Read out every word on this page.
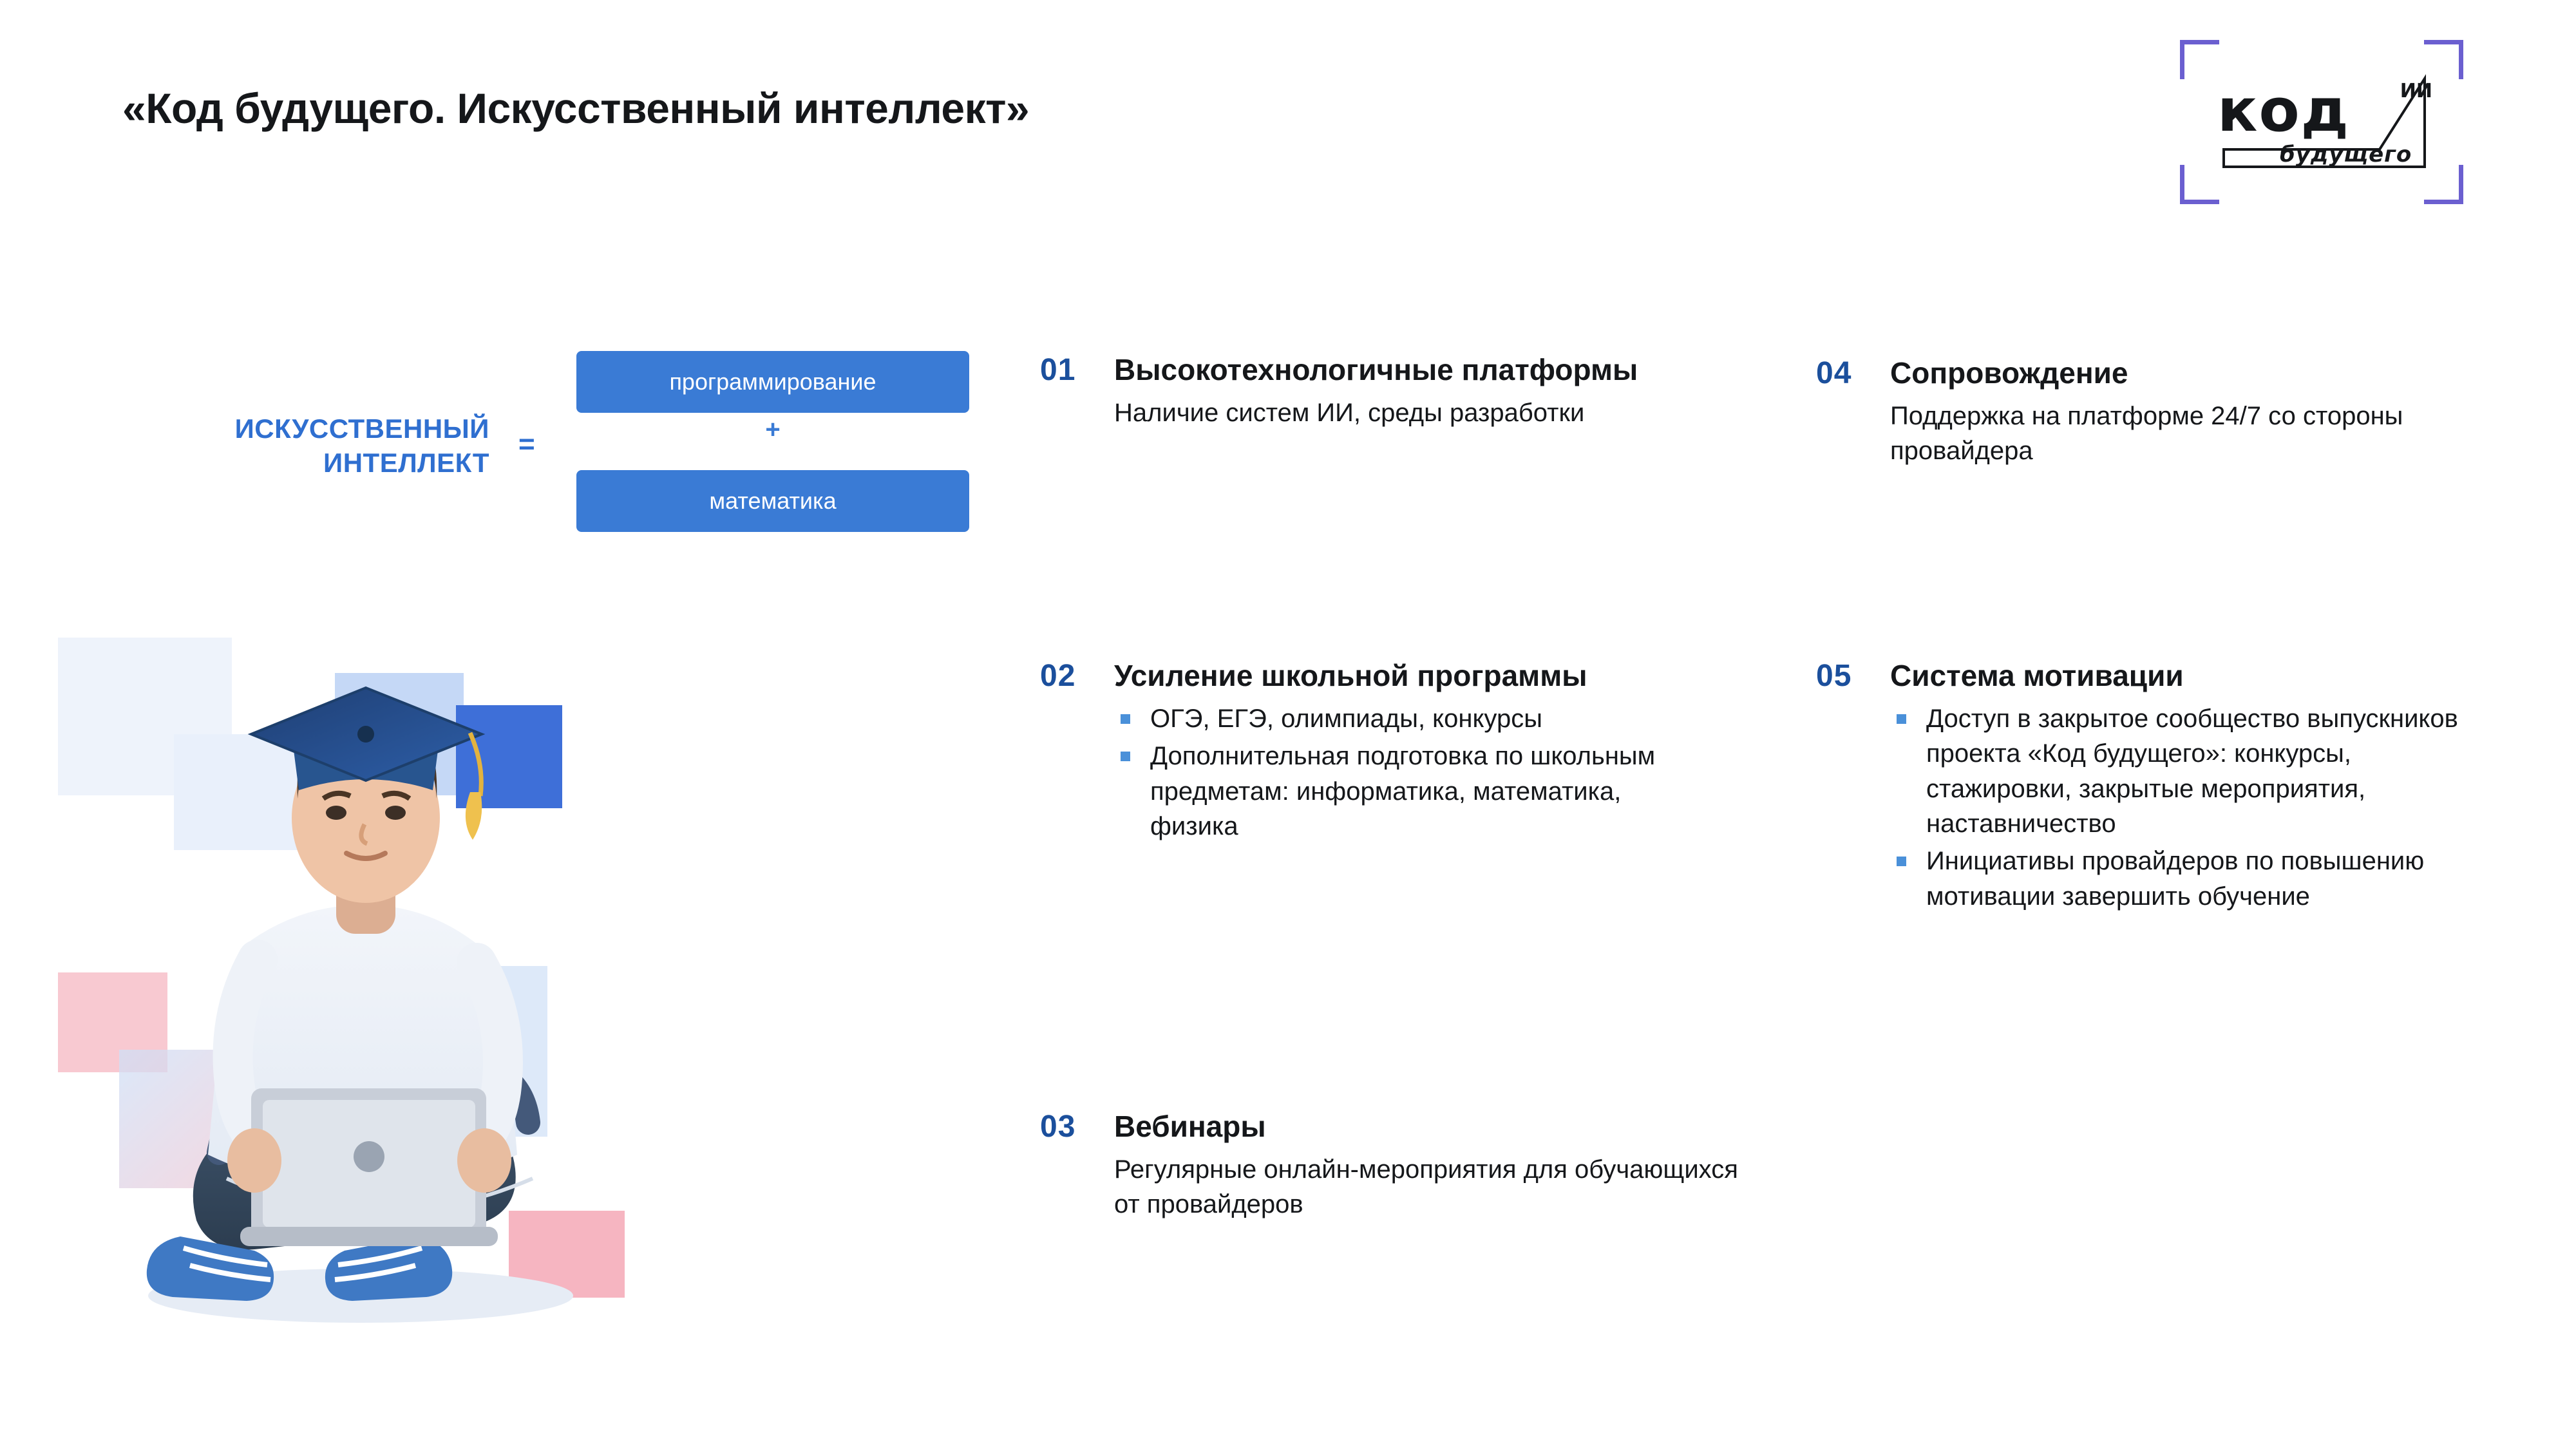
«Код будущего. Искусственный интеллект»	код	ИИ
будущего
ИСКУССТВЕННЫЙ
ИНТЕЛЛЕКТ
=
программирование
+
математика
01 Высокотехнологичные платформы
Наличие систем ИИ, среды разработки
02 Усиление школьной программы
ОГЭ, ЕГЭ, олимпиады, конкурсы
Дополнительная подготовка по школьным предметам: информатика, математика, физика
03 Вебинары
Регулярные онлайн-мероприятия для обучающихся от провайдеров
04 Сопровождение
Поддержка на платформе 24/7 со стороны провайдера
05 Система мотивации
Доступ в закрытое сообщество выпускников проекта «Код будущего»: конкурсы, стажировки, закрытые мероприятия, наставничество
Инициативы провайдеров по повышению мотивации завершить обучение
